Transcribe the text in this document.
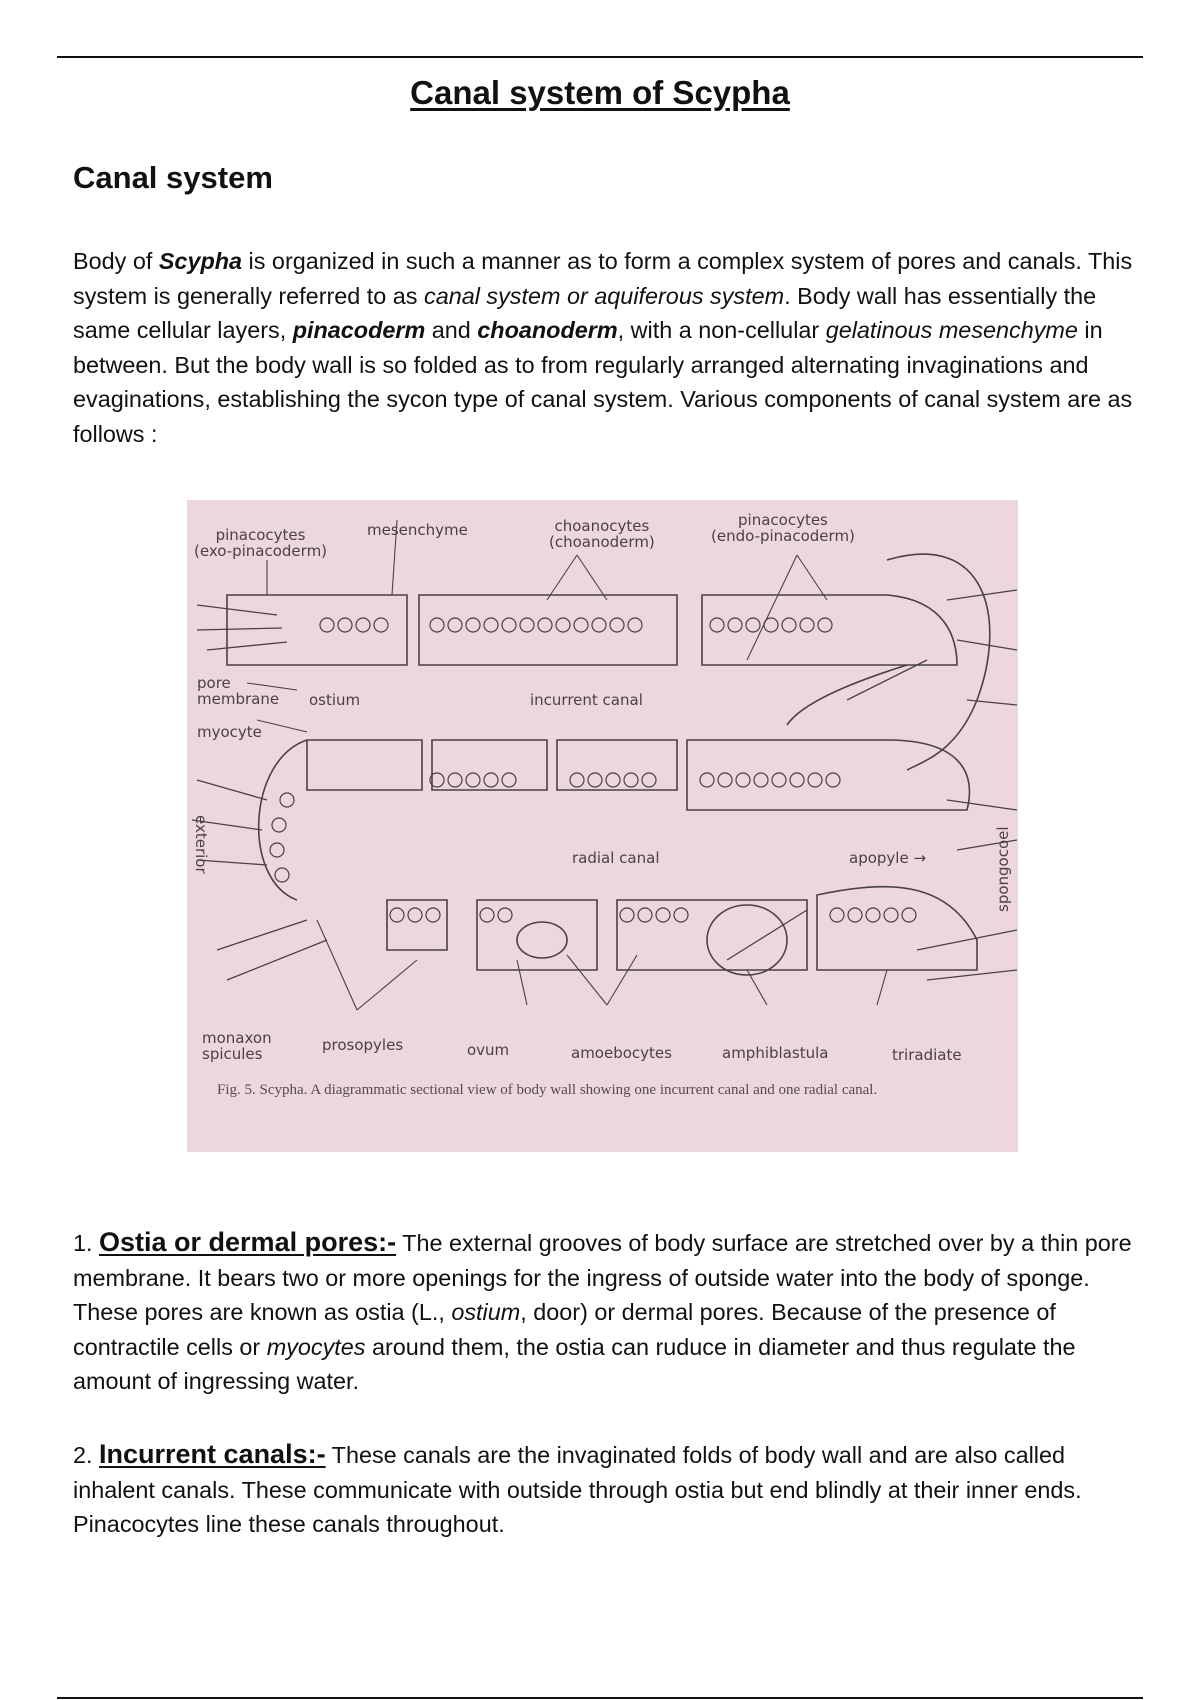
Canal system of Scypha
Canal system
Body of Scypha is organized in such a manner as to form a complex system of pores and canals. This system is generally referred to as canal system or aquiferous system. Body wall has essentially the same cellular layers, pinacoderm and choanoderm, with a non-cellular gelatinous mesenchyme in between. But the body wall is so folded as to from regularly arranged alternating invaginations and evaginations, establishing the sycon type of canal system. Various components of canal system are as follows :
pinacocytes
(exo-pinacoderm)
mesenchyme	choanocytes
(choanoderm)
pinacocytes
(endo-pinacoderm)
pore
membrane ostium	incurrent canal
myocyte
exterior	radial canal	apopyle →	spongocoel
monaxon
spicules	prosopyles	ovum	amoebocytes	amphiblastula	triradiate
Fig. 5. Scypha. A diagrammatic sectional view of body wall showing one incurrent canal and one radial canal.
1. Ostia or dermal pores:- The external grooves of body surface are stretched over by a thin pore membrane. It bears two or more openings for the ingress of outside water into the body of sponge. These pores are known as ostia (L., ostium, door) or dermal pores. Because of the presence of contractile cells or myocytes around them, the ostia can ruduce in diameter and thus regulate the amount of ingressing water.
2. Incurrent canals:- These canals are the invaginated folds of body wall and are also called inhalent canals. These communicate with outside through ostia but end blindly at their inner ends. Pinacocytes line these canals throughout.
